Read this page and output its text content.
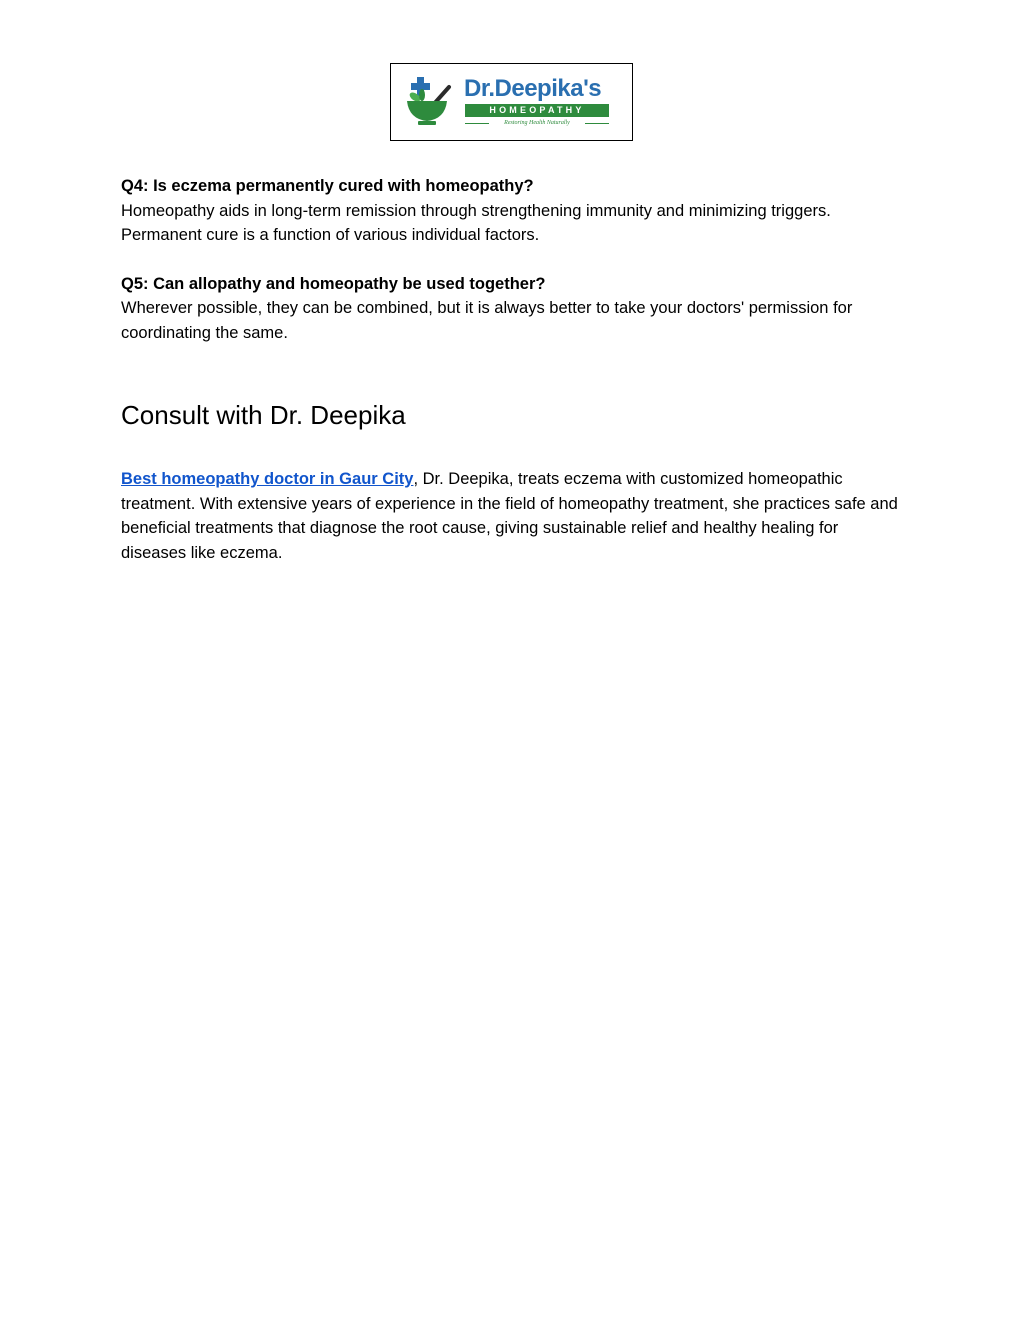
Dr.Deepika's
HOMEOPATHY
Restoring Health Naturally

Q4: Is eczema permanently cured with homeopathy?
Homeopathy aids in long-term remission through strengthening immunity and minimizing triggers. Permanent cure is a function of various individual factors.

Q5: Can allopathy and homeopathy be used together?
Wherever possible, they can be combined, but it is always better to take your doctors' permission for coordinating the same.

Consult with Dr. Deepika

Best homeopathy doctor in Gaur City, Dr. Deepika, treats eczema with customized homeopathic treatment. With extensive years of experience in the field of homeopathy treatment, she practices safe and beneficial treatments that diagnose the root cause, giving sustainable relief and healthy healing for diseases like eczema.
